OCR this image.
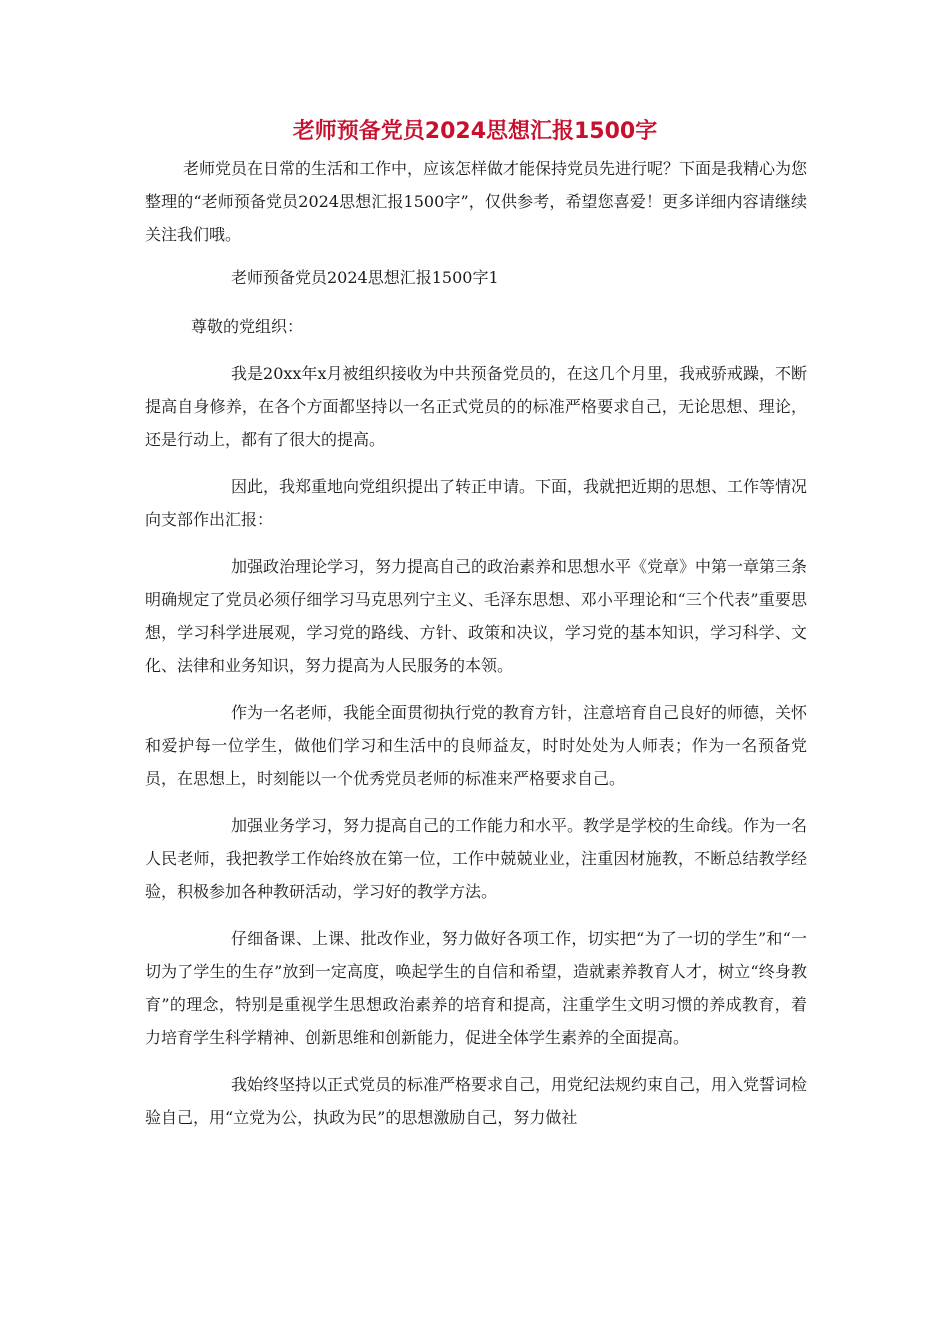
老师预备党员2024思想汇报1500字

老师党员在日常的生活和工作中，应该怎样做才能保持党员先进行呢？下面是我精心为您整理的“老师预备党员2024思想汇报1500字”，仅供参考，希望您喜爱！更多详细内容请继续关注我们哦。

老师预备党员2024思想汇报1500字1

尊敬的党组织：

我是20xx年x月被组织接收为中共预备党员的，在这几个月里，我戒骄戒躁，不断提高自身修养，在各个方面都坚持以一名正式党员的的标准严格要求自己，无论思想、理论，还是行动上，都有了很大的提高。

因此，我郑重地向党组织提出了转正申请。下面，我就把近期的思想、工作等情况向支部作出汇报：

加强政治理论学习，努力提高自己的政治素养和思想水平《党章》中第一章第三条明确规定了党员必须仔细学习马克思列宁主义、毛泽东思想、邓小平理论和“三个代表”重要思想，学习科学进展观，学习党的路线、方针、政策和决议，学习党的基本知识，学习科学、文化、法律和业务知识，努力提高为人民服务的本领。

作为一名老师，我能全面贯彻执行党的教育方针，注意培育自己良好的师德，关怀和爱护每一位学生，做他们学习和生活中的良师益友，时时处处为人师表；作为一名预备党员，在思想上，时刻能以一个优秀党员老师的标准来严格要求自己。

加强业务学习，努力提高自己的工作能力和水平。教学是学校的生命线。作为一名人民老师，我把教学工作始终放在第一位，工作中兢兢业业，注重因材施教，不断总结教学经验，积极参加各种教研活动，学习好的教学方法。

仔细备课、上课、批改作业，努力做好各项工作，切实把“为了一切的学生”和“一切为了学生的生存”放到一定高度，唤起学生的自信和希望，造就素养教育人才，树立“终身教育”的理念，特别是重视学生思想政治素养的培育和提高，注重学生文明习惯的养成教育，着力培育学生科学精神、创新思维和创新能力，促进全体学生素养的全面提高。

我始终坚持以正式党员的标准严格要求自己，用党纪法规约束自己，用入党誓词检验自己，用“立党为公，执政为民”的思想激励自己，努力做社
